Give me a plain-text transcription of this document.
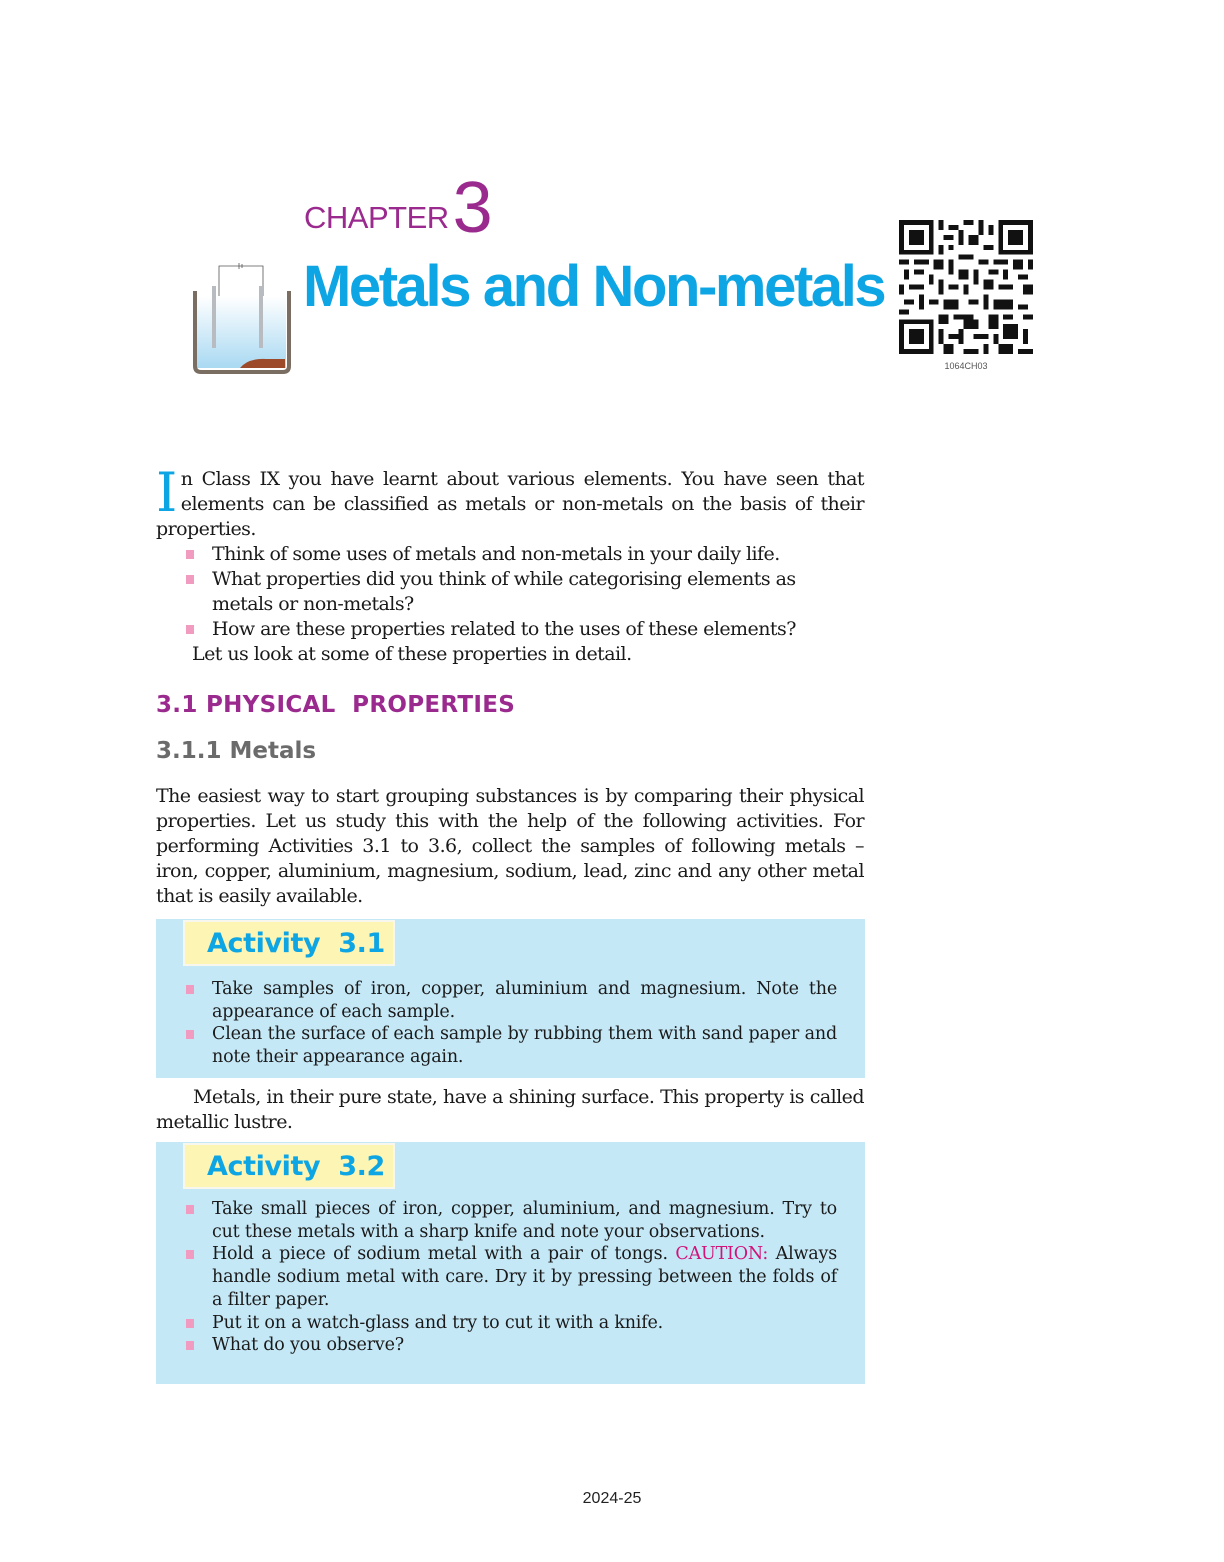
CHAPTER3
Metals and Non-metals
1064CH03
In Class IX you have learnt about various elements. You have seen that elements can be classified as metals or non-metals on the basis of their properties.
Think of some uses of metals and non-metals in your daily life.
What properties did you think of while categorising elements as metals or non-metals?
How are these properties related to the uses of these elements?
Let us look at some of these properties in detail.
3.1 PHYSICAL  PROPERTIES
3.1.1 Metals
The easiest way to start grouping substances is by comparing their physical properties. Let us study this with the help of the following activities. For performing Activities 3.1 to 3.6, collect the samples of following metals – iron, copper, aluminium, magnesium, sodium, lead, zinc and any other metal that is easily available.
Activity  3.1
Take samples of iron, copper, aluminium and magnesium. Note the appearance of each sample.
Clean the surface of each sample by rubbing them with sand paper and note their appearance again.
Metals, in their pure state, have a shining surface. This property is called metallic lustre.
Activity  3.2
Take small pieces of iron, copper, aluminium, and magnesium. Try to cut these metals with a sharp knife and note your observations.
Hold a piece of sodium metal with a pair of tongs. CAUTION: Always handle sodium metal with care. Dry it by pressing between the folds of a filter paper.
Put it on a watch-glass and try to cut it with a knife.
What do you observe?
2024-25
